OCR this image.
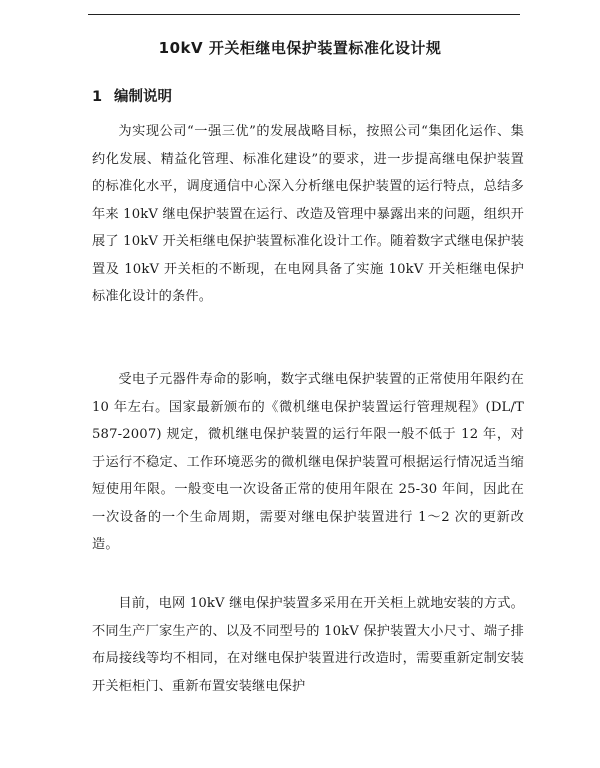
10kV 开关柜继电保护装置标准化设计规
1 编制说明

为实现公司“一强三优”的发展战略目标，按照公司“集团化运作、集约化发展、精益化管理、标准化建设”的要求，进一步提高继电保护装置的标准化水平，调度通信中心深入分析继电保护装置的运行特点，总结多年来 10kV 继电保护装置在运行、改造及管理中暴露出来的问题，组织开展了 10kV 开关柜继电保护装置标准化设计工作。随着数字式继电保护装置及 10kV 开关柜的不断现，在电网具备了实施 10kV 开关柜继电保护标准化设计的条件。

受电子元器件寿命的影响，数字式继电保护装置的正常使用年限约在 10 年左右。国家最新颁布的《微机继电保护装置运行管理规程》(DL/T 587-2007) 规定，微机继电保护装置的运行年限一般不低于 12 年，对于运行不稳定、工作环境恶劣的微机继电保护装置可根据运行情况适当缩短使用年限。一般变电一次设备正常的使用年限在 25-30 年间，因此在一次设备的一个生命周期，需要对继电保护装置进行 1～2 次的更新改造。

目前，电网 10kV 继电保护装置多采用在开关柜上就地安装的方式。不同生产厂家生产的、以及不同型号的 10kV 保护装置大小尺寸、端子排布局接线等均不相同，在对继电保护装置进行改造时，需要重新定制安装开关柜柜门、重新布置安装继电保护
